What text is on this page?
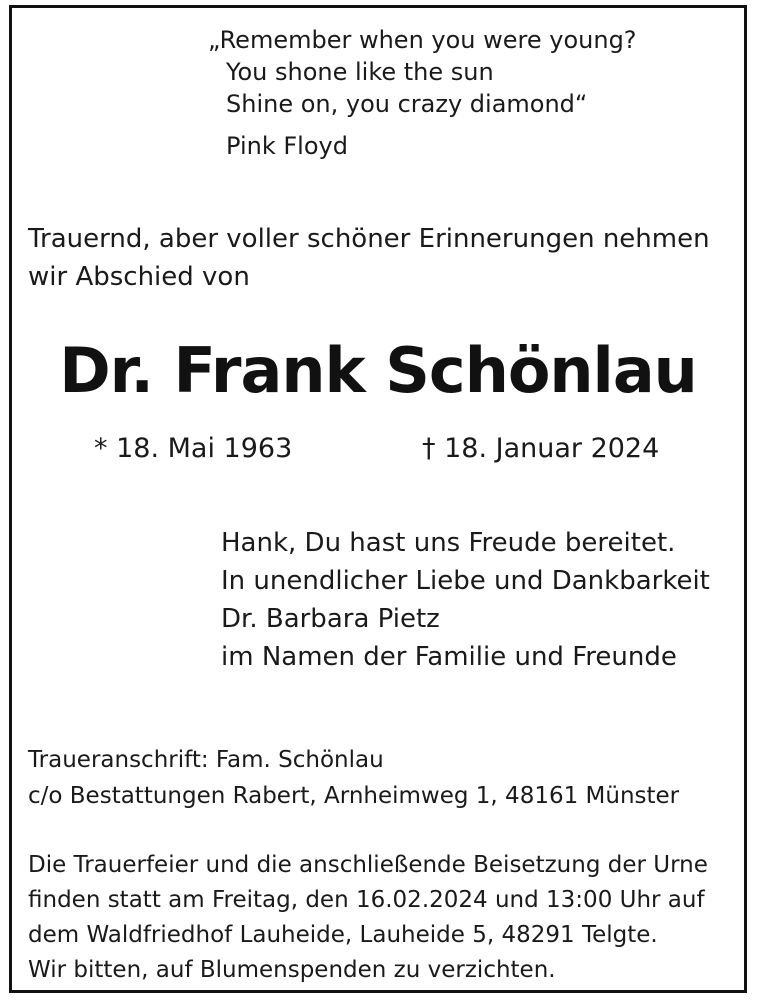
„Remember when you were young?
You shone like the sun
Shine on, you crazy diamond“
Pink Floyd
Trauernd, aber voller schöner Erinnerungen nehmen
wir Abschied von
Dr. Frank Schönlau
* 18. Mai 1963	† 18. Januar 2024
Hank, Du hast uns Freude bereitet.
In unendlicher Liebe und Dankbarkeit
Dr. Barbara Pietz
im Namen der Familie und Freunde
Traueranschrift: Fam. Schönlau
c/o Bestattungen Rabert, Arnheimweg 1, 48161 Münster
Die Trauerfeier und die anschließende Beisetzung der Urne
finden statt am Freitag, den 16.02.2024 und 13:00 Uhr auf
dem Waldfriedhof Lauheide, Lauheide 5, 48291 Telgte.
Wir bitten, auf Blumenspenden zu verzichten.
